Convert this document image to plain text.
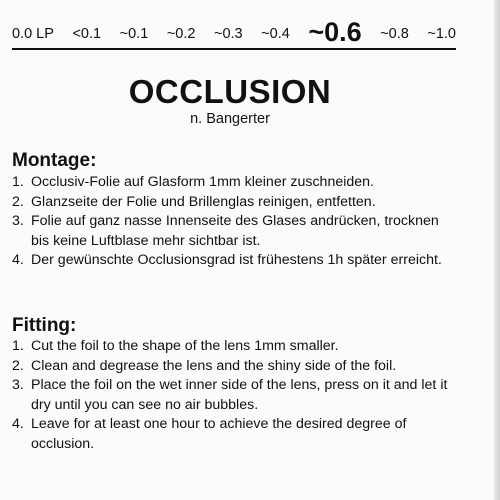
0.0 LP <0.1 ~0.1 ~0.2 ~0.3 ~0.4 ~0.6 ~0.8 ~1.0
OCCLUSION
n. Bangerter
Montage:
1. Occlusiv-Folie auf Glasform 1mm kleiner zuschneiden.
2. Glanzseite der Folie und Brillenglas reinigen, entfetten.
3. Folie auf ganz nasse Innenseite des Glases andrücken, trocknen bis keine Luftblase mehr sichtbar ist.
4. Der gewünschte Occlusionsgrad ist frühestens 1h später erreicht.
Fitting:
1. Cut the foil to the shape of the lens 1mm smaller.
2. Clean and degrease the lens and the shiny side of the foil.
3. Place the foil on the wet inner side of the lens, press on it and let it dry until you can see no air bubbles.
4. Leave for at least one hour to achieve the desired degree of occlusion.
